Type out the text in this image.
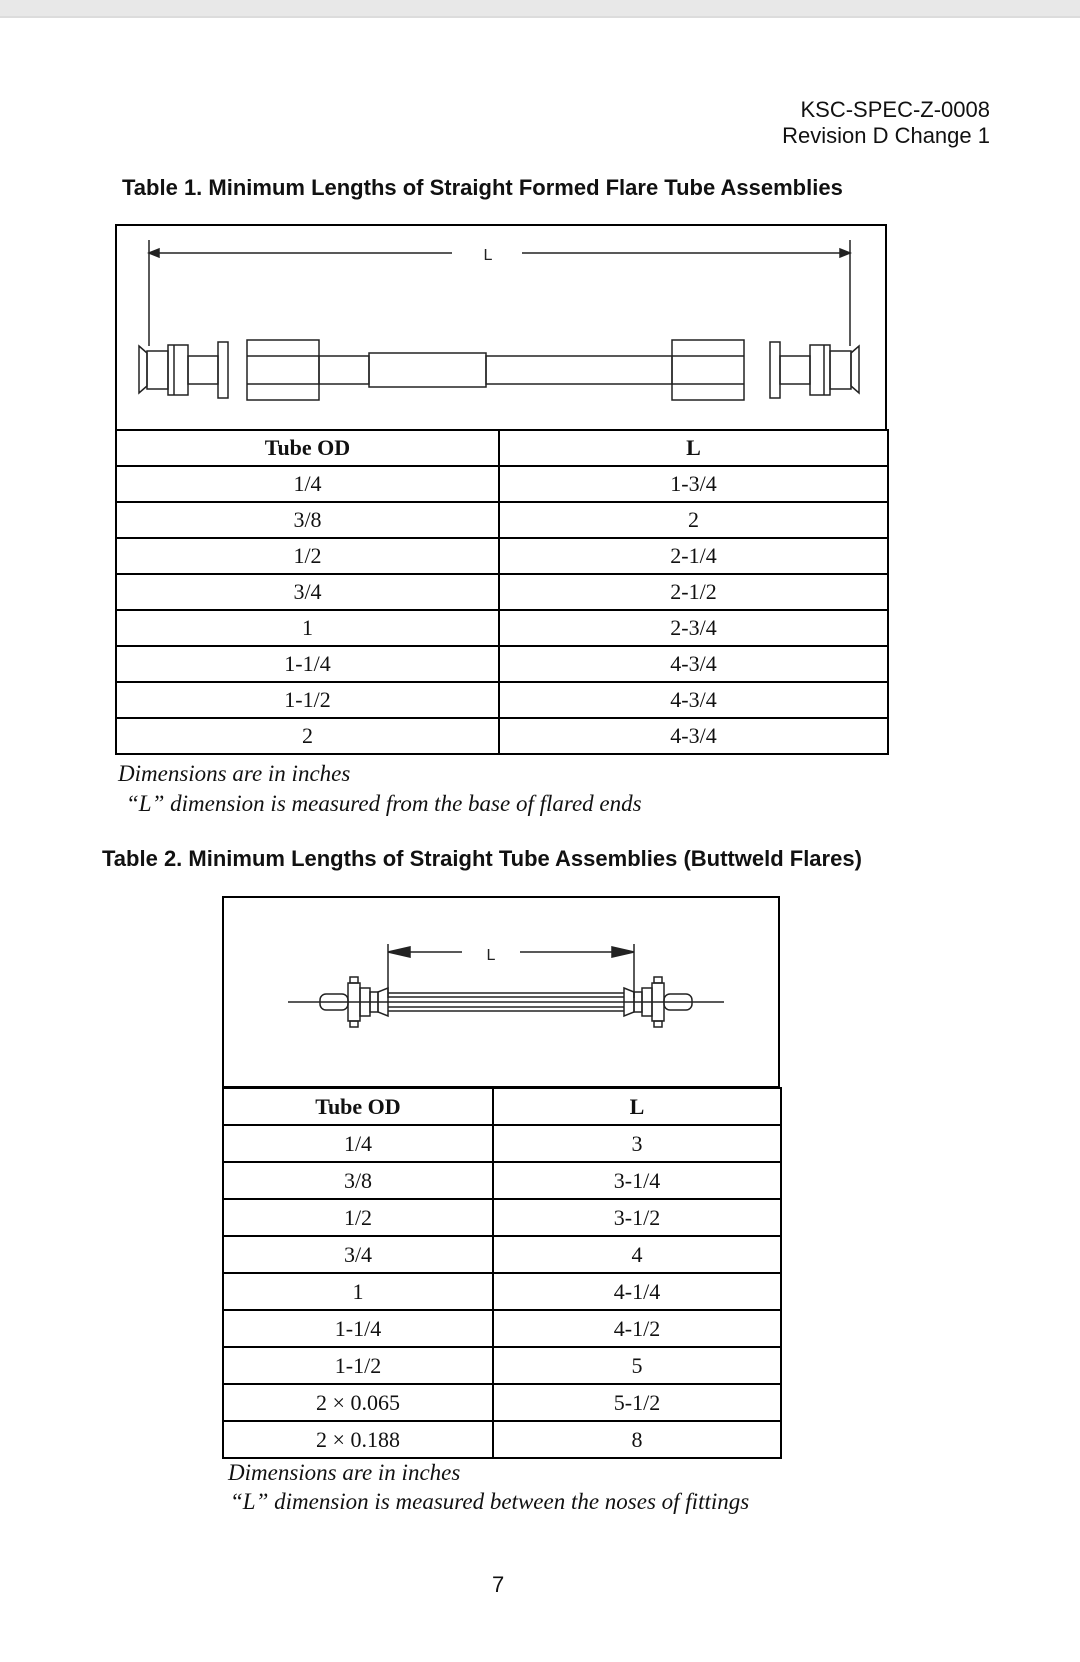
KSC-SPEC-Z-0008
Revision D Change 1
Table 1. Minimum Lengths of Straight Formed Flare Tube Assemblies
L
Tube OD	L
1/4	1-3/4
3/8	2
1/2	2-1/4
3/4	2-1/2
1	2-3/4
1-1/4	4-3/4
1-1/2	4-3/4
2	4-3/4
Dimensions are in inches
“L” dimension is measured from the base of flared ends
Table 2. Minimum Lengths of Straight Tube Assemblies (Buttweld Flares)
L
Tube OD	L
1/4	3
3/8	3-1/4
1/2	3-1/2
3/4	4
1	4-1/4
1-1/4	4-1/2
1-1/2	5
2 × 0.065	5-1/2
2 × 0.188	8
Dimensions are in inches
“L” dimension is measured between the noses of fittings
7
